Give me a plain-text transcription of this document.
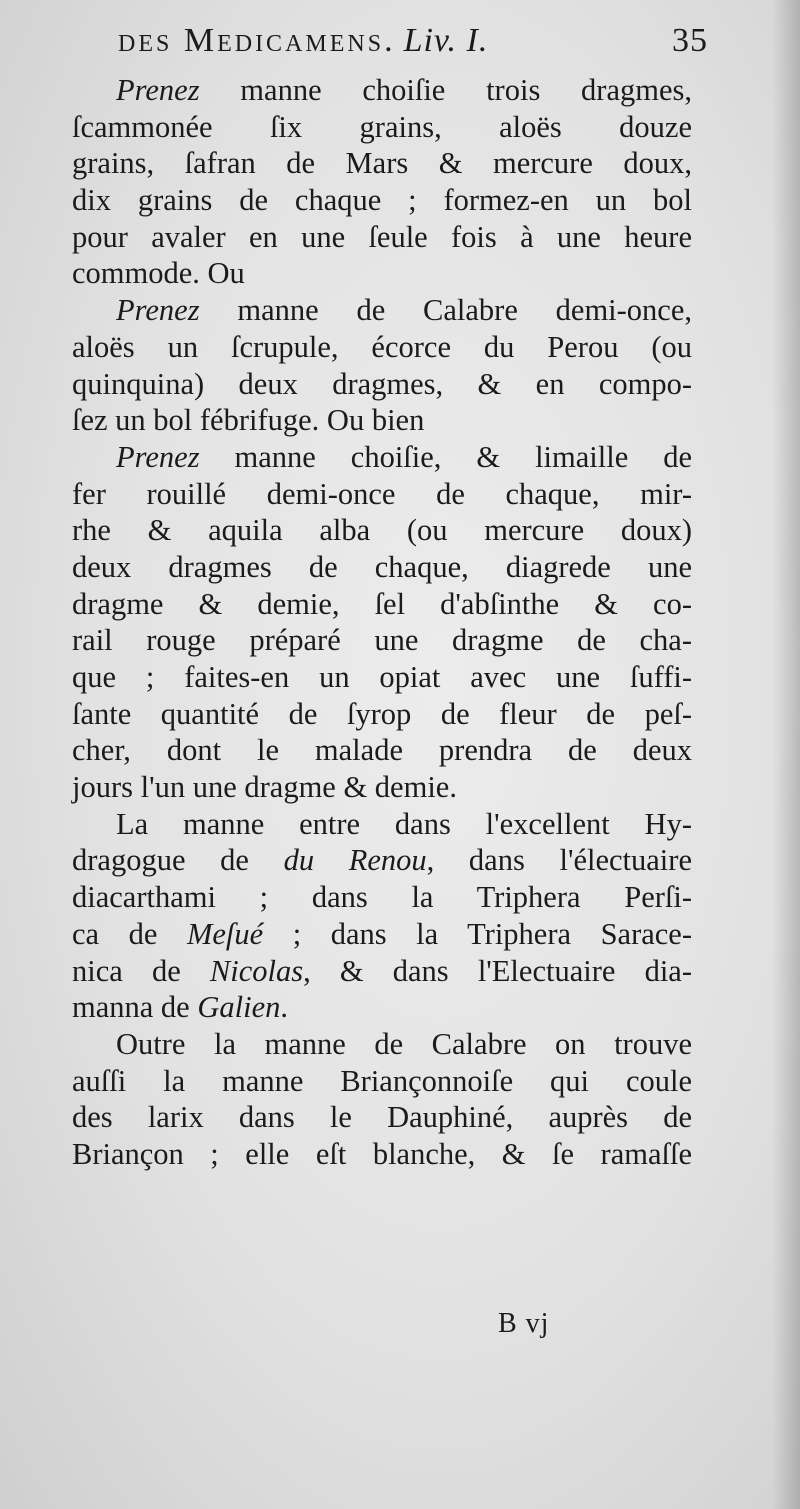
des Medicamens. Liv. I.	35
Prenez manne choiſie trois dragmes,
ſcammonée ſix grains, aloës douze
grains, ſafran de Mars & mercure doux,
dix grains de chaque ; formez-en un bol
pour avaler en une ſeule fois à une heure
commode. Ou
Prenez manne de Calabre demi-once,
aloës un ſcrupule, écorce du Perou (ou
quinquina) deux dragmes, & en compo-
ſez un bol fébrifuge. Ou bien
Prenez manne choiſie, & limaille de
fer rouillé demi-once de chaque, mir-
rhe & aquila alba (ou mercure doux)
deux dragmes de chaque, diagrede une
dragme & demie, ſel d'abſinthe & co-
rail rouge préparé une dragme de cha-
que ; faites-en un opiat avec une ſuffi-
ſante quantité de ſyrop de fleur de peſ-
cher, dont le malade prendra de deux
jours l'un une dragme & demie.
La manne entre dans l'excellent Hy-
dragogue de du Renou, dans l'électuaire
diacarthami ; dans la Triphera Perſi-
ca de Meſué ; dans la Triphera Sarace-
nica de Nicolas, & dans l'Electuaire dia-
manna de Galien.
Outre la manne de Calabre on trouve
auſſi la manne Briançonnoiſe qui coule
des larix dans le Dauphiné, auprès de
Briançon ; elle eſt blanche, & ſe ramaſſe
B vj
